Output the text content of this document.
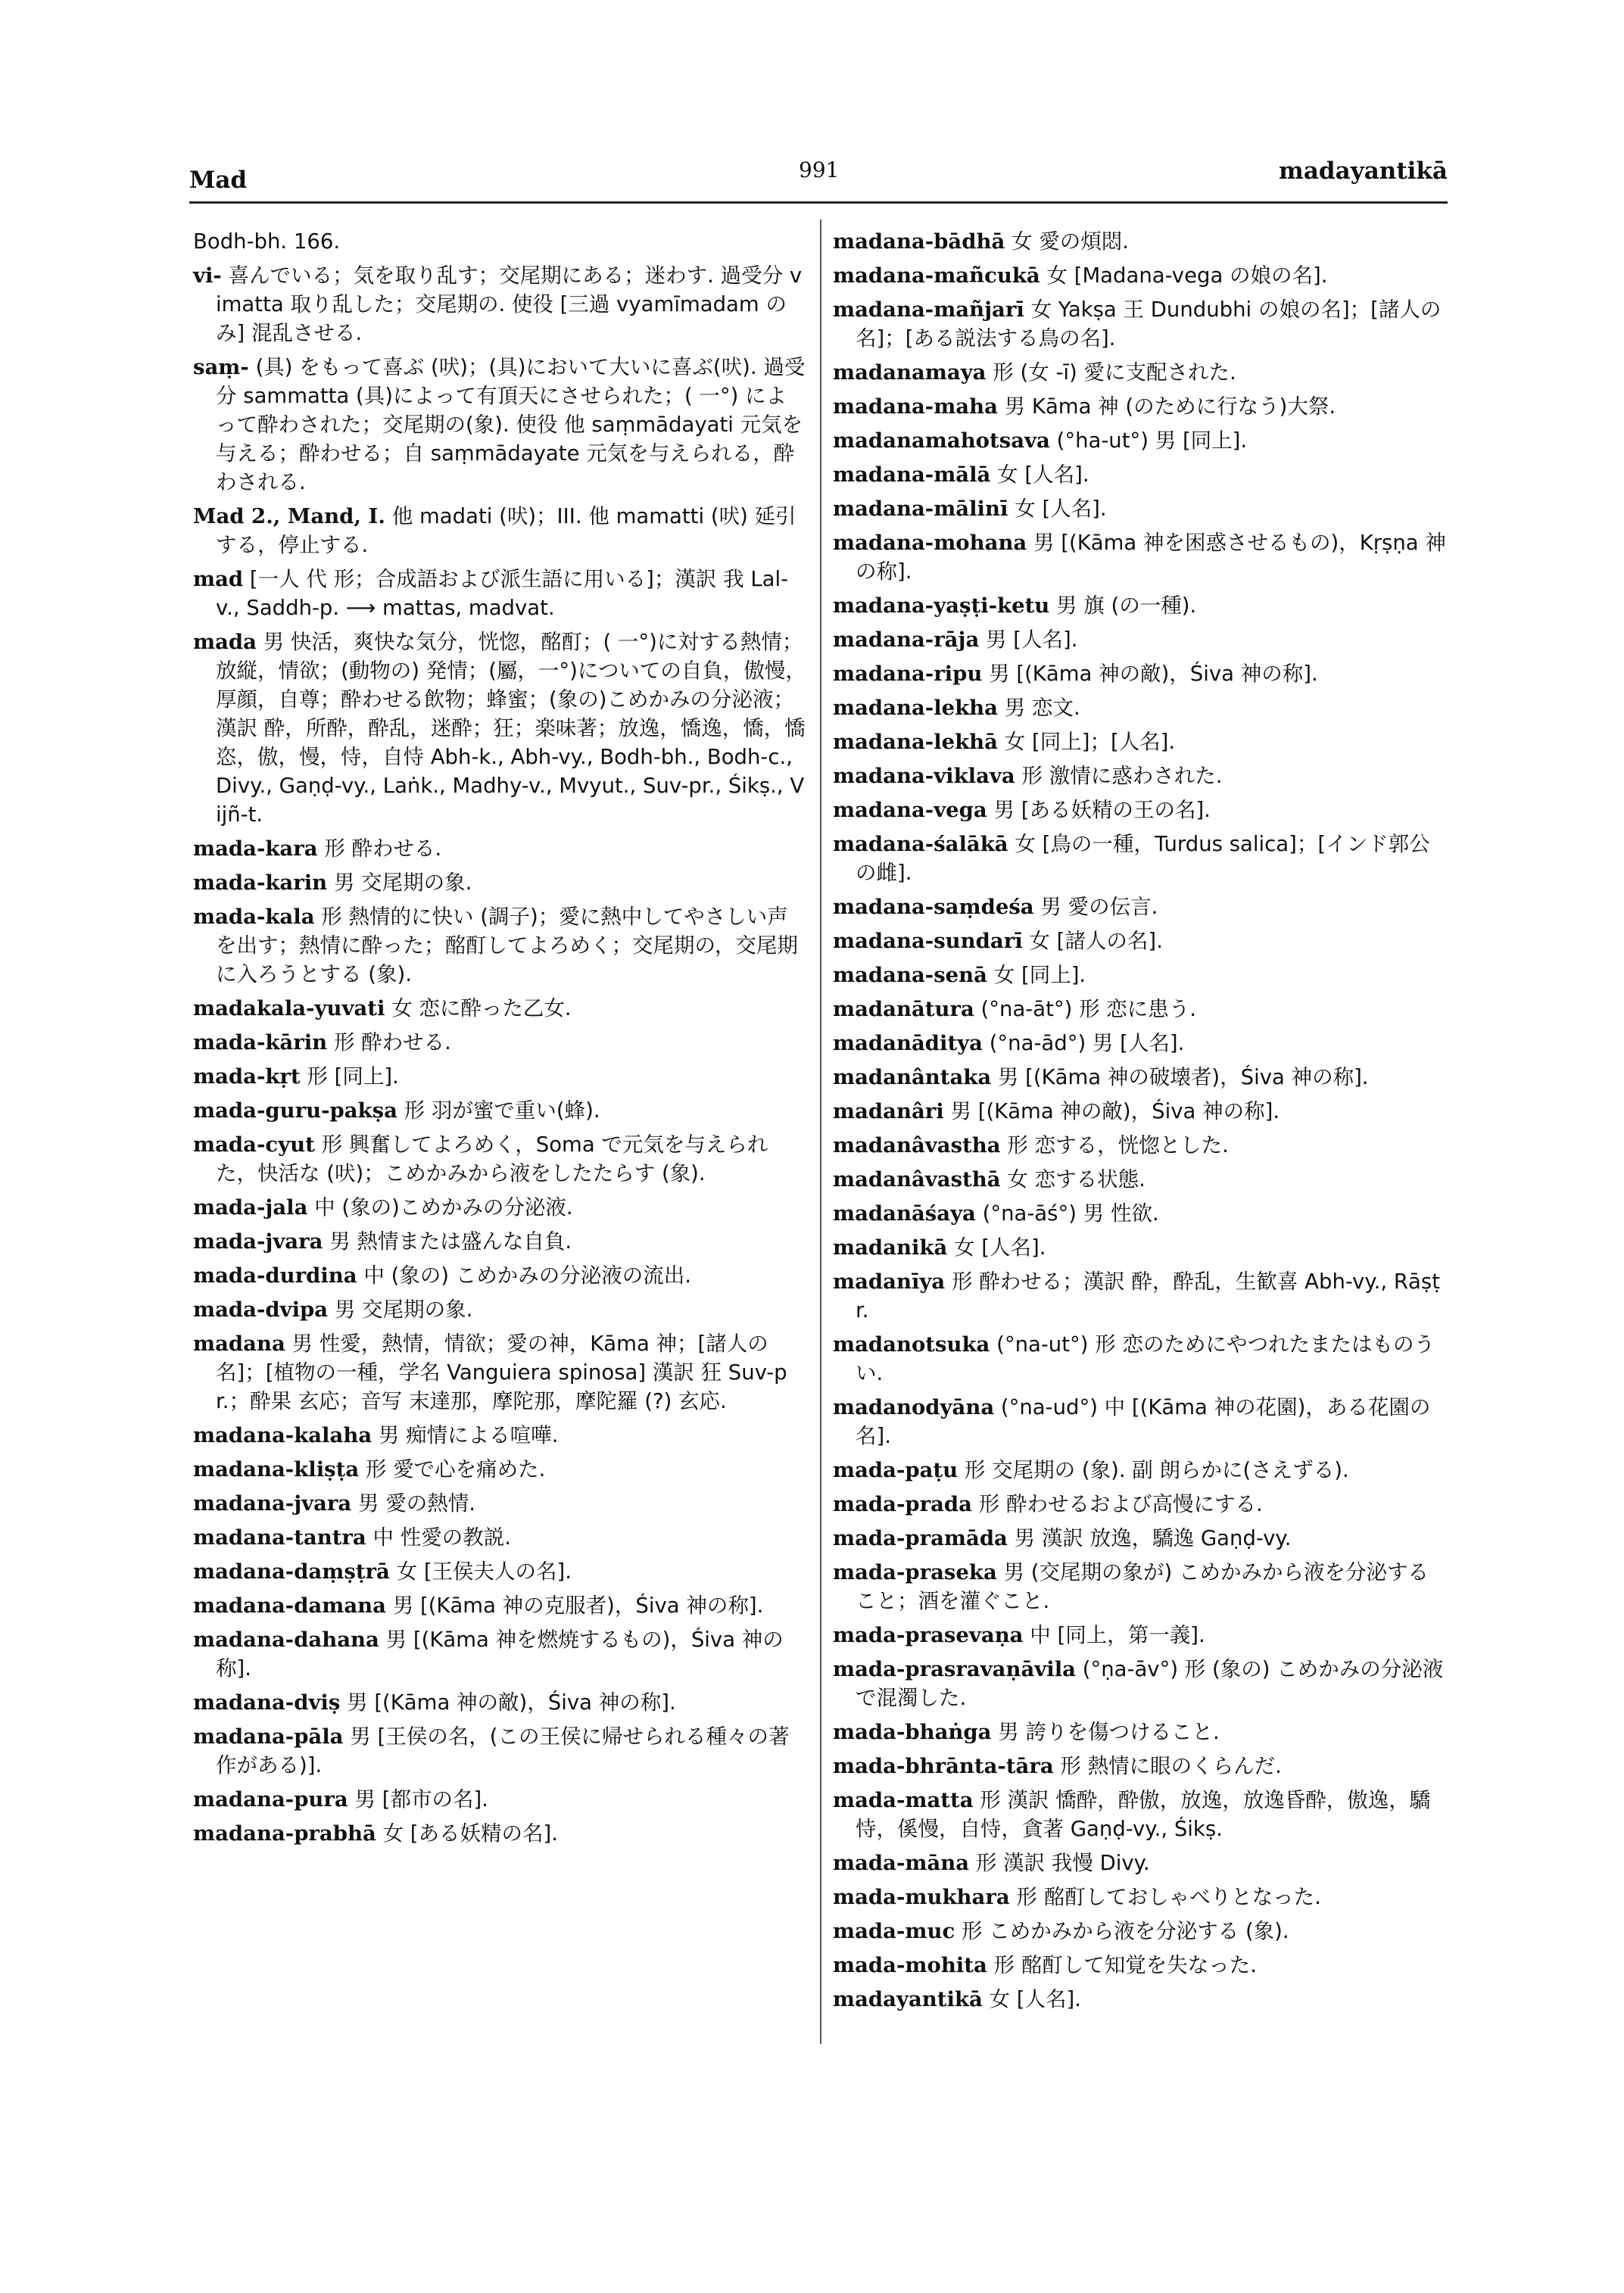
Mad	991	madayantikā

Bodh-bh. 166.

vi- 喜んでいる；気を取り乱す；交尾期にある；迷わす. 過受分 vimatta 取り乱した；交尾期の. 使役 [三過 vyamīmadam のみ] 混乱させる.

saṃ- (具) をもって喜ぶ (吠)；(具)において大いに喜ぶ(吠). 過受分 sammatta (具)によって有頂天にさせられた；( 一°) によって酔わされた；交尾期の(象). 使役 他 saṃmādayati 元気を与える；酔わせる；自 saṃmādayate 元気を与えられる，酔わされる.

Mad 2., Mand, I. 他 madati (吠)；III. 他 mamatti (吠) 延引する，停止する.

mad [一人 代 形；合成語および派生語に用いる]；漢訳 我 Lal-v., Saddh-p. ⟶ mattas, madvat.

mada 男 快活，爽快な気分，恍惚，酩酊；( 一°)に対する熱情；放縦，情欲；(動物の) 発情；(屬，一°)についての自負，傲慢，厚顔，自尊；酔わせる飲物；蜂蜜；(象の)こめかみの分泌液；漢訳 酔，所酔，酔乱，迷酔；狂；楽味著；放逸，憍逸，憍，憍恣，傲，慢，恃，自恃 Abh-k., Abh-vy., Bodh-bh., Bodh-c., Divy., Gaṇḍ-vy., Laṅk., Madhy-v., Mvyut., Suv-pr., Śikṣ., Vijñ-t.

mada-kara 形 酔わせる.

mada-karin 男 交尾期の象.

mada-kala 形 熱情的に快い (調子)；愛に熱中してやさしい声を出す；熱情に酔った；酩酊してよろめく；交尾期の，交尾期に入ろうとする (象).

madakala-yuvati 女 恋に酔った乙女.

mada-kārin 形 酔わせる.

mada-kṛt 形 [同上].

mada-guru-pakṣa 形 羽が蜜で重い(蜂).

mada-cyut 形 興奮してよろめく，Soma で元気を与えられた，快活な (吠)；こめかみから液をしたたらす (象).

mada-jala 中 (象の)こめかみの分泌液.

mada-jvara 男 熱情または盛んな自負.

mada-durdina 中 (象の) こめかみの分泌液の流出.

mada-dvipa 男 交尾期の象.

madana 男 性愛，熱情，情欲；愛の神，Kāma 神；[諸人の名]；[植物の一種，学名 Vanguiera spinosa] 漢訳 狂 Suv-pr.；酔果 玄応；音写 末達那，摩陀那，摩陀羅 (?) 玄応.

madana-kalaha 男 痴情による喧嘩.

madana-kliṣṭa 形 愛で心を痛めた.

madana-jvara 男 愛の熱情.

madana-tantra 中 性愛の教説.

madana-daṃṣṭrā 女 [王侯夫人の名].

madana-damana 男 [(Kāma 神の克服者)，Śiva 神の称].

madana-dahana 男 [(Kāma 神を燃焼するもの)，Śiva 神の称].

madana-dviṣ 男 [(Kāma 神の敵)，Śiva 神の称].

madana-pāla 男 [王侯の名，(この王侯に帰せられる種々の著作がある)].

madana-pura 男 [都市の名].

madana-prabhā 女 [ある妖精の名].

madana-bādhā 女 愛の煩悶.

madana-mañcukā 女 [Madana-vega の娘の名].

madana-mañjarī 女 Yakṣa 王 Dundubhi の娘の名]；[諸人の名]；[ある説法する鳥の名].

madanamaya 形 (女 -ī) 愛に支配された.

madana-maha 男 Kāma 神 (のために行なう)大祭.

madanamahotsava (°ha-ut°) 男 [同上].

madana-mālā 女 [人名].

madana-mālinī 女 [人名].

madana-mohana 男 [(Kāma 神を困惑させるもの)，Kṛṣṇa 神の称].

madana-yaṣṭi-ketu 男 旗 (の一種).

madana-rāja 男 [人名].

madana-ripu 男 [(Kāma 神の敵)，Śiva 神の称].

madana-lekha 男 恋文.

madana-lekhā 女 [同上]；[人名].

madana-viklava 形 激情に惑わされた.

madana-vega 男 [ある妖精の王の名].

madana-śalākā 女 [鳥の一種，Turdus salica]；[インド郭公の雌].

madana-saṃdeśa 男 愛の伝言.

madana-sundarī 女 [諸人の名].

madana-senā 女 [同上].

madanātura (°na-āt°) 形 恋に患う.

madanāditya (°na-ād°) 男 [人名].

madanântaka 男 [(Kāma 神の破壊者)，Śiva 神の称].

madanâri 男 [(Kāma 神の敵)，Śiva 神の称].

madanâvastha 形 恋する，恍惚とした.

madanâvasthā 女 恋する状態.

madanāśaya (°na-āś°) 男 性欲.

madanikā 女 [人名].

madanīya 形 酔わせる；漢訳 酔，酔乱，生歓喜 Abh-vy., Rāṣṭr.

madanotsuka (°na-ut°) 形 恋のためにやつれたまたはものうい.

madanodyāna (°na-ud°) 中 [(Kāma 神の花園)，ある花園の名].

mada-paṭu 形 交尾期の (象). 副 朗らかに(さえずる).

mada-prada 形 酔わせるおよび高慢にする.

mada-pramāda 男 漢訳 放逸，驕逸 Gaṇḍ-vy.

mada-praseka 男 (交尾期の象が) こめかみから液を分泌すること；酒を灌ぐこと.

mada-prasevaṇa 中 [同上，第一義].

mada-prasravaṇāvila (°ṇa-āv°) 形 (象の) こめかみの分泌液で混濁した.

mada-bhaṅga 男 誇りを傷つけること.

mada-bhrānta-tāra 形 熱情に眼のくらんだ.

mada-matta 形 漢訳 憍酔，酔傲，放逸，放逸昏酔，傲逸，驕恃，傒慢，自恃，貪著 Gaṇḍ-vy., Śikṣ.

mada-māna 形 漢訳 我慢 Divy.

mada-mukhara 形 酩酊しておしゃべりとなった.

mada-muc 形 こめかみから液を分泌する (象).

mada-mohita 形 酩酊して知覚を失なった.

madayantikā 女 [人名].
